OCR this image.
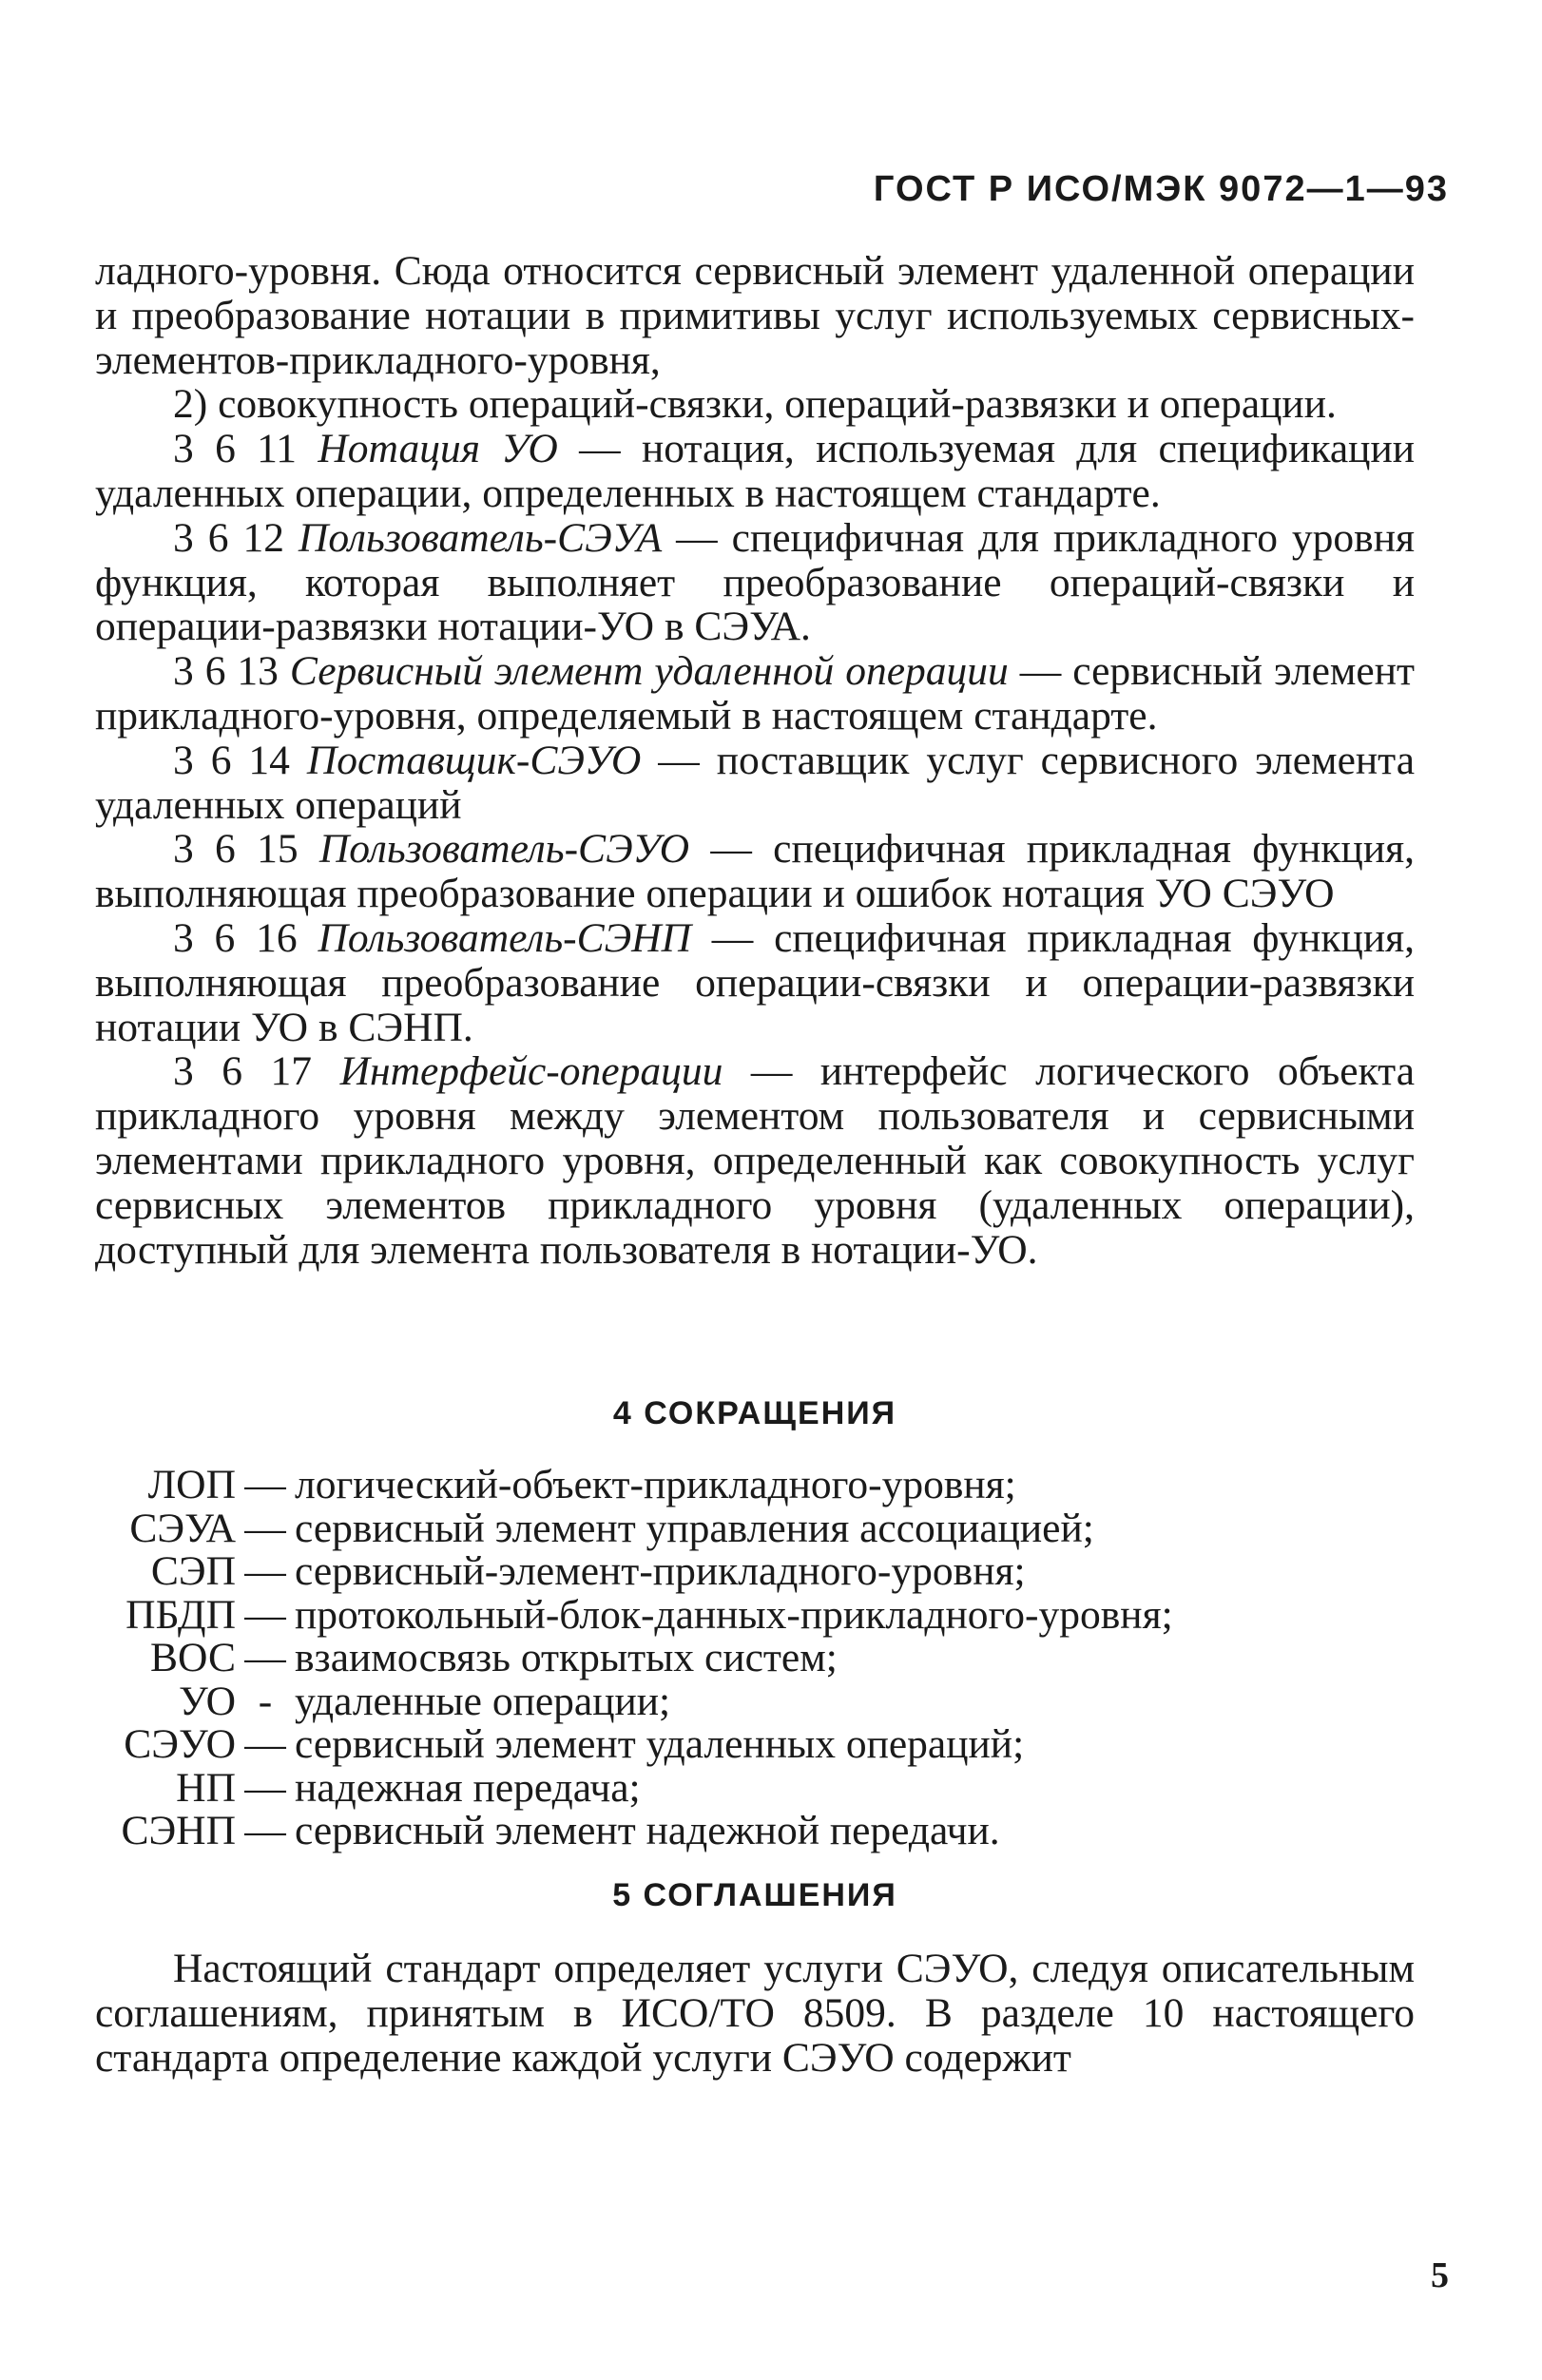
ГОСТ Р ИСО/МЭК 9072—1—93

ладного-уровня. Сюда относится сервисный элемент удаленной операции и преобразование нотации в примитивы услуг используемых сервисных-элементов-прикладного-уровня,

2) совокупность операций-связки, операций-развязки и операции.

3 6 11 Нотация УО — нотация, используемая для спецификации удаленных операции, определенных в настоящем стандарте.

3 6 12 Пользователь-СЭУА — специфичная для прикладного уровня функция, которая выполняет преобразование операций-связки и операции-развязки нотации-УО в СЭУА.

3 6 13 Сервисный элемент удаленной операции — сервисный элемент прикладного-уровня, определяемый в настоящем стандарте.

3 6 14 Поставщик-СЭУО — поставщик услуг сервисного элемента удаленных операций

3 6 15 Пользователь-СЭУО — специфичная прикладная функция, выполняющая преобразование операции и ошибок нотация УО СЭУО

3 6 16 Пользователь-СЭНП — специфичная прикладная функция, выполняющая преобразование операции-связки и операции-развязки нотации УО в СЭНП.

3 6 17 Интерфейс-операции — интерфейс логического объекта прикладного уровня между элементом пользователя и сервисными элементами прикладного уровня, определенный как совокупность услуг сервисных элементов прикладного уровня (удаленных операции), доступный для элемента пользователя в нотации-УО.

4 СОКРАЩЕНИЯ
ЛОП — логический-объект-прикладного-уровня;
СЭУА — сервисный элемент управления ассоциацией;
СЭП — сервисный-элемент-прикладного-уровня;
ПБДП — протокольный-блок-данных-прикладного-уровня;
ВОС — взаимосвязь открытых систем;
УО - удаленные операции;
СЭУО — сервисный элемент удаленных операций;
НП — надежная передача;
СЭНП — сервисный элемент надежной передачи.
5 СОГЛАШЕНИЯ

Настоящий стандарт определяет услуги СЭУО, следуя описательным соглашениям, принятым в ИСО/ТО 8509. В разделе 10 настоящего стандарта определение каждой услуги СЭУО содержит

5
